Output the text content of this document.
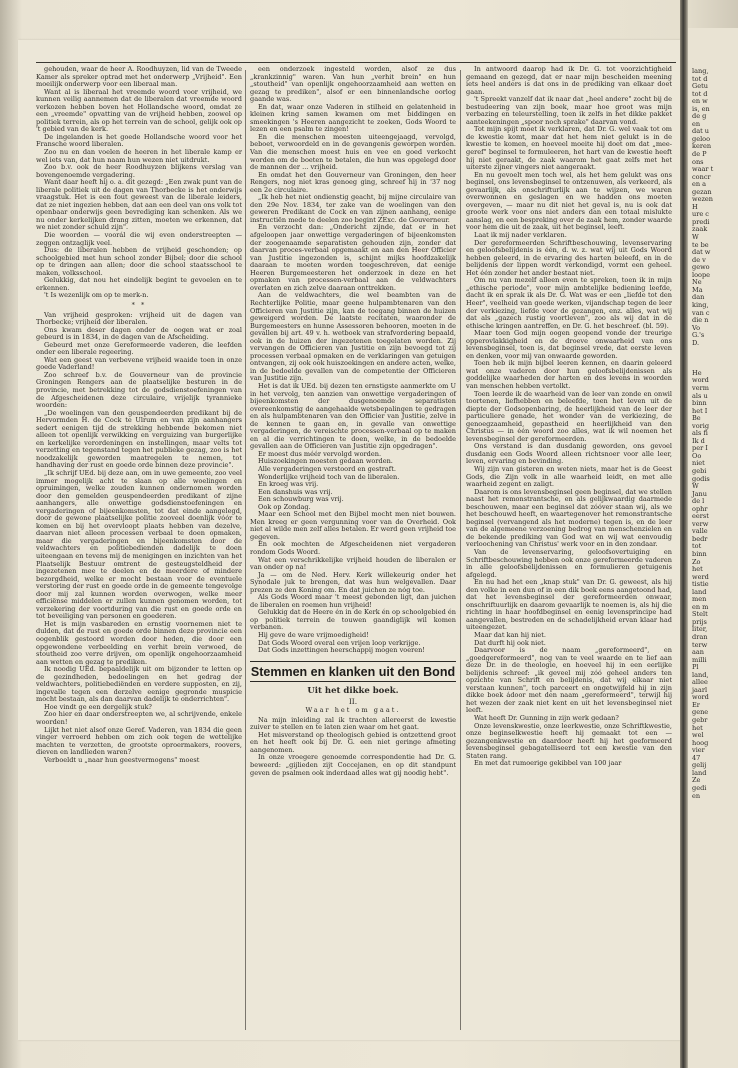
lang,
tot d
Getu
tot d
en w
is, en
de g
en
dat u
geloo
keren
de P
ons
waar t
concr
en a
gezan
wezen
H
ure c
predi
zaak
W
te be
dat w
de v
gewo
loope
Ne
Ma
dan
king,
van c
die n
Vo
G.'s
D.

He
word
verm
als u
binn
het I
Be
vorig
als fi
Ik d
per I
Oo
niet
gebi
godis
W
Janu
de l
ophr
eerst
verw
valle
bedr
tot
binn
Zo
het
werd
tistie
land
men
en m
Stelt
prijs
liter,
dran
terw
aan
milli
Pl
land,
allee
jaarl
word
Er
gene
gebr
het
wel
hoog
vier
47
gelij
land
Ze
gedi
en

gehouden, waar de heer A. Roodhuyzen, lid van de Tweede Kamer als spreker optrad met het onderwerp „Vrijheid". Een moeilijk onderwerp voor een liberaal man.

Want al is liberaal het vreemde woord voor vrijheid, we kunnen veilig aannemen dat de liberalen dat vreemde woord verkozen hebben boven het Hollandsche woord, omdat ze een „vreemde" opvatting van de vrijheid hebben, zoowel op politiek terrein, als op het terrein van de school, gelijk ook op 't gebied van de kerk.

De ingelanden is het goede Hollandsche woord voor het Fransche woord liberalen.

Zoo nu en dan voelen de heeren in het liberale kamp er wel iets van, dat hun naam hun wezen niet uitdrukt.

Zoo b.v. ook de heer Roodhuyzen blijkens verslag van bovengenoemde vergadering.

Want daar heeft hij o. a. dit gezegd: „Een zwak punt van de liberale politiek uit de dagen van Thorbecke is het onderwijs vraagstuk. Het is een fout geweest van de liberale leiders, dat ze niet ingezien hebben, dat aan een deel van ons volk tot openbaar onderwijs geen bevrediging kan schenken. Als we nu onder kerkelijken drang zitten, moeten we erkennen, dat we niet zonder schuld zijn".

Die woorden — voorál die wij even onderstreepten — zeggen ontzaglijk veel.

Dus: de liberalen hebben de vrijheid geschonden; op schoolgebied met hun school zonder Bijbel; door die school op te dringen aan allen; door die school staatsschool te maken, volksschool.

Gelukkig, dat nou het eindelijk begint te gevoelen en te erkennen.

't Is wezenlijk om op te merk-n.

* *

Van vrijheid gesproken: vrijheid uit de dagen van Thorbecke; vrijheid der liberalen.

Ons kwam deser dagen onder de oogen wat er zoal gebeurd is in 1834, in de dagen van de Afscheiding.

Gebeurd met onze Gereformeerde vaderen, die leefden onder een liberale regeering.

Wat een geest van verbevene vrijheid waaide toen in onze goede Vaderland!

Zoo schreef b.v. de Gouverneur van de provincie Groningen Rengers aan de plaatselijke besturen in de provincie, met betrekking tot de godsdienstoefeningen van de Afgescheidenen deze circulaire, vrijelijk tyrannieke woorden:

„De woelingen van den geuspendeerden predikant bij de Hervormden H. de Cock te Ulrum en van zijn aanhangers sedert eenigen tijd de strekking hebbende bekomen niet alleen tot openlijk verwikking en verguizing van burgerlijke en kerkelijke verordeningen en instellingen, maar velts tot verzetting en tegenstand tegen het publieke gezag, zoo is het noodzakelijk geworden maatregelen te nemen, tot handhaving der rust en goede orde binnen deze provincie".

„Ik schrijf UEd. bij deze aan, om in uwe gemeente, zoo veel immer mogelijk acht te slaan op alle woelingen en opruimingen, welke zouden kunnen ondernomen worden door den gemelden geuspendeerden predikant of zijne aanhangers, alle onwettige godsdienstoefeningen en vergaderingen of bijeenkomsten, tot dat einde aangelegd, door de gewone plaatselijke politie zooveel doenlijk vóór te komen en bij het overvloopt plaats hebben van dezelve, daarvan niet alleen processen verbaal te doen opmaken, maar die vergaderingen en bijeenkomsten door de veldwachters en politiebedienden dadelijk te doen uiteengaan en tevens mij de menigingen en inzichten van het Plaatselijk Bestuur omtrent de gesteugsteldheid der ingezetenen mee te deelen en de meerdere of mindere bezorgdheid, welke er mocht bestaan voor de eventuele verstoring der rust en goede orde in de gemeente tengevolge door mij zal kunnen worden overwogen, welke meer efficiënse middelen er zullen kunnen genomen worden, tot verzekering der voortduring van die rust en goede orde en tot beveiliging van personen en goederen.

Het is mijn vasbareden en ernstig voornemen niet te dulden, dat de rust en goede orde binnen deze provincie een oogenblik gestoord worden door heden, die door een opgewondene verbeelding en verhit brein verwoed, de stoutheid zoo verre drijven, om openlijk ongehoorzaamheid aan wetten en gezag te prediken.

Ik noodig UEd. bepaaldelijk uit om bijzonder te letten op de gezindheden, bedoelingen en het gedrag der veldwachters, politiebediënden en verdere supposten, en zij, ingevalle tegen een derzelve eenige gegronde muspicie mocht bestaan, als dan daarvan dadelijk te onderrichten".

Hoe vindt ge een dergelijk stuk?

Zoo hier en daar onderstreepten we, al schrijvende, enkele woorden!

Lijkt het niet alsof onze Geref. Vaderen, van 1834 die geen vinger verroerd hebben om zich ook tegen de wettelijke machten te verzetten, de grootste oproermakers, roovers, dieven en landlieden waren?

Verboeldt u „naar hun geestvermogens" moest

een onderzoek ingesteld worden, alsof ze dus „krankzinnig" waren. Van hun „verhit brein" en hun „stoutheid" van openlijk ongehoorzaamheid aan wetten en gezag te prediken", alsof er een binnenlandsche oorlog gaande was.

En dat, waar onze Vaderen in stilheid en gelatenheid in kleinen kring samen kwamen om met biddingen en smeekingen 's Heeren aangezicht te zoeken, Gods Woord te lezen en een psalm te zingen!

En die menschen moesten uiteengejaagd, vervolgd, beboet, verwoordeld en in de gevangenis geworpen worden. Van die menschen moest huis en vee en goed verkocht worden om de boeten te betalen, die hun was opgelegd door de mannen der ... vrijheid.

En omdat het den Gouverneur van Groningen, den heer Rengers, nog niet kras genoeg ging, schreef hij in '37 nog een 2e circulaire.

„Ik heb het niet ondienstig geacht, bij mijne circulaire van den 29e Nov. 1834, ter zake van de woelingen van den geweren Predikant de Cock en van zijnen aanhang, eenige instructiën mede te deelen zoo begint ZExc. de Gouverneur.

En verzocht dan: „Ondericht zijnde, dat er in het afgeloopen jaar onwettige vergaderingen of bijeenkomsten der zoogenaamde separatisten gehouden zijn, zonder dat daarvan proces-verbaal opgemaakt en aan den Heer Officier van Justitie ingezonden is, schijnt mijks hoofdzakelijk daaraan te moeten worden toegeschreven, dat eenige Heeren Burgemeesteren het onderzoek in deze en het opmaken van processen-verbaal aan de veldwachters overlaten en zich zelve daaraan onttrekken.

Aan de veldwachters, die wel beambten van de Rechterlijke Politie, maar geene hulpambtenaren van den Officieren van Justitie zijn, kan de toegang binnen de huizen geweigerd worden. De laatste recitaten, waaronder de Burgemeesters en hunne Assessoren behooren, moeten in de gevallen bij art. 49 v. h. wetboek van strafvordering bepaald, ook in de huizen der ingezetenen toegelaten worden. Zij vervangen de Officieren van Justitie en zijn bevoegd tot zij processen verbaal opmaken en de verklaringen van getuigen ontvangen, zij ook ook huiszoekingen en andere acten, welke, in de bedoelde gevallen van de competentie der Officieren van Justitie zijn.

Het is dat ik UEd. bij dezen ten ernstigste aanmerkte om U in het vervolg, ten aanzien van onwettige vergaderingen of bijeenkomsten der dusgenoemde separatisten overeenkomstig de aangehaalde wetsbepalingen te gedragen en als hulpambtenaren van den Officier van Justitie, zelve in de kennen te gaan en, in gevalle van onwettige vergaderingen, de vereischte processen-verbaal op te maken en al die verrichtingen te doen, welke, in de bedoelde gevallen aan de Officieren van Justitie zijn opgedragen".

Er moest dus méér vervolgd worden.

Huiszoekingen moesten gedaan worden.

Alle vergaderingen verstoord en gestraft.

Wonderlijke vrijheid toch van de liberalen.

En kroeg was vrij.

Een danshuis was vrij.

Een schouwburg was vrij.

Ook op Zondag.

Maar een School met den Bijbel mocht men niet bouwen. Men kreeg er geen vergunning voor van de Overheid. Ook niet al wilde men zelf alles betalen. Er werd geen vrijheid toe gegeven.

En ook mochten de Afgescheidenen niet vergaderen rondom Gods Woord.

Wat een verschrikkelijke vrijheid houden de liberalen er van onder op na!

Ja — om de Ned. Herv. Kerk willekeurig onder het Synodale juk te brengen, dat was hun welgevallen. Daar prezen ze den Koning om. En dat juichen ze nóg toe.

Als Gods Woord maar 't meest gebonden ligt, dan juichen de liberalen en roemen hun vrijheid!

Gelukkig dat de Heere én in de Kerk én op schoolgebied én op politiek terrein de touwen gaandiglijk wil komen verbanen.

Hij geve de ware vrijmoedigheid!

Dat Gods Woord overal een vrijen loop verkrijge.

Dat Gods inzettingen heerschappij mogen voeren!

Stemmen en klanken uit den Bond
Uit het dikke boek.
II.

Waar het om gaat.

Na mijn inleiding zal ik trachten allereerst de kwestie zuiver te stellen en te laten zien waar om het gaat.

Het misverstand op theologisch gebied is ontzettend groot en het heeft ook bij Dr. G. een niet geringe afmeting aangenomen.

In onze vroegere genoemde correspondentie had Dr. G. beweerd: „gijlieden zijt Coccejanen, en op dit standpunt geven de psalmen ook inderdaad alles wat gij noodig hebt".

In antwoord daarop had ik Dr. G. tot voorzichtigheid gemaand en gezegd, dat er naar mijn bescheiden meening iets heel anders is dat ons in de prediking van elkaar doet gaan.

't Spreekt vanzelf dat ik naar dat „heel andere" zocht bij de bestudeering van zijn boek, maar hoe groot was mijn verbazing en teleurstelling, toen ik zelfs in het dikke pakket aanteekeningen „spoor noch sprake" daarvan vond.

Tot mijn spijt moet ik verklaren, dat Dr. G. wel vaak tot om de kwestie komt, maar dat het hem niet gelukt is in de kwestie te komen, en hoeveel moeite hij doet om dat „mee-geref" beginsel te formuleeren, het hart van de kwestie heeft hij niet geraakt, de zaak waarom het gaat zelfs met het uiterste zijner vingers niet aangeraakt.

En nu gevoelt men toch wel, als het hem gelukt was ons beginsel, ons levensbeginsel te ontzenuwen, als verkeerd, als gevaarlijk, als onschrifturlijk aan te wijzen, we waren overwonnen en geslagen en we hadden ons moeten overgeven, — maar nu dit niet het geval is, nu is ook dat groote werk voor ons niet anders dan een totaal mislukte aanslag, en een bespreking over de zaak hem, zonder waarde voor hem die uit de zaak, uit het beginsel, leeft.

Laat ik mij nader verklaren.

Der gereformeerden Schriftbeschouwing, levenservaring en geloofsbelijdenis is één, d. w. z. wat wij uit Gods Woord hebben geleerd, in de ervaring des harten beleefd, en in de belijdenis der lippen wordt verkondigd, vormt een geheel. Het één zonder het ander bestaat niet.

Om nu van mezelf alleen even te spreken, toen ik in mijn „ethische periode", voor mijn ambtelijke bediening leefde, dacht ik en sprak ik als Dr. G. Wat was er een „liefde tot den Heer", veelheid van goede werken, vijandschap tegen de leer der verkiezing, liefde voor de gezangen, enz. alles, wat wij dat als „gazech rustig voortleven", zoo als wij dat in de ethische kringen aantreffen, en Dr. G. het beschreef. (bl. 59).

Maar toen God mijn oogen geopend vonde der treurige opperovlakkigheid en de droeve onwaarheid van ons levensbeginsel, toen is, dat beginsel vrede, dat eerste leven en denken, voor mij van onwaarde geworden.

Toen heb ik mijn bijbel leeren kennen, en daarin geleerd wat onze vaderen door hun geloofsbelijdenissen als goddelijke waarheden der harten en des levens in woorden van menschen hebben vertolkt.

Toen leerde ik de waarheid van de leer van zonde en onwil toortenen, liefhebben en beleefde, toen het leven uit de diepte der Godsopenbaring, de heerlijkheid van de leer der particuliere genade, het wonder van de verkiezing, de genoegzaamheid, gepastheid en heerlijkheid van den Christus — in één woord zoo alles, wat ik wil noemen het levensbeginsel der gereformeerden.

Ons verstand is dan dusdanig geworden, ons gevoel dusdanig een Gods Woord alleen richtsnoer voor alle leer, leven, ervaring en bevinding.

Wij zijn van gisteren en weten niets, maar het is de Geest Gods, die Zijn volk in alle waarheid leidt, en met alle waarheid zegent en zaligt.

Daarom is ons levensbeginsel geen beginsel, dat we stellen naast het remonstrantsche, en als gelijkwaardig daarmede beschouwen, maar een beginsel dat zóóver staan wij, als we het beschouwd heeft, en waartegenover het remonstrantsche beginsel (vervangend als het moderne) tegen is, en de leer van de algemeene verzoening bedrog van menschenzielen en de bekende prediking van God wat en wij wat eenvoudig verloochening van Christus' werk voor en in den zondaar.

Van de levenservaring, geloofsovertuiging en Schriftbeschouwing hebben ook onze gereformeerde vaderen in alle geloofsbelijdenissen en formulieren getuigenis afgelegd.

En nu had het een „knap stuk" van Dr. G. geweest, als hij den volke in een dun of in een dik boek eens aangetoond had, dat het levensbeginsel der gereformeerden onwaar, onschriftuurlijk en daarom gevaarlijk te noemen is, als hij die richting in haar hoofdbeginsel en eenig levensprincipe had aangevallen, bestreden en de schadelijkheid ervan klaar had uiteengezet.

Maar dat kan hij niet.

Dat durft hij ook niet.

Daarvoor is de naam „gereformeerd", en „goedgereformeerd", nog van te veel waarde en te lief aan deze Dr. in de theologie, en hoeveel hij in een eerlijke belijdenis schreef: „ik geveel mij zóó geheel anders ten opzichte van Schrift en belijdenis, dat wij elkaar niet verstaan kunnen", toch parceert en ongetwijfeld hij in zijn dikke boek ádoor met den naam „gereformeerd", terwijl hij het wezen der zaak niet kent en uit het levensbeginsel niet leeft.

Wat heeft Dr. Gunning in zijn werk gedaan?

Onze levenskwestie, onze leerkwestie, onze Schriftkwestie, onze beginselkwestie heeft hij gemaakt tot een — gezangenkwestie en daardoor heeft hij het geeformeerd levensbeginsel gebagatelliseerd tot een kwestie van den Staten rang.

En met dat rumoerige gekibbel van 100 jaar
